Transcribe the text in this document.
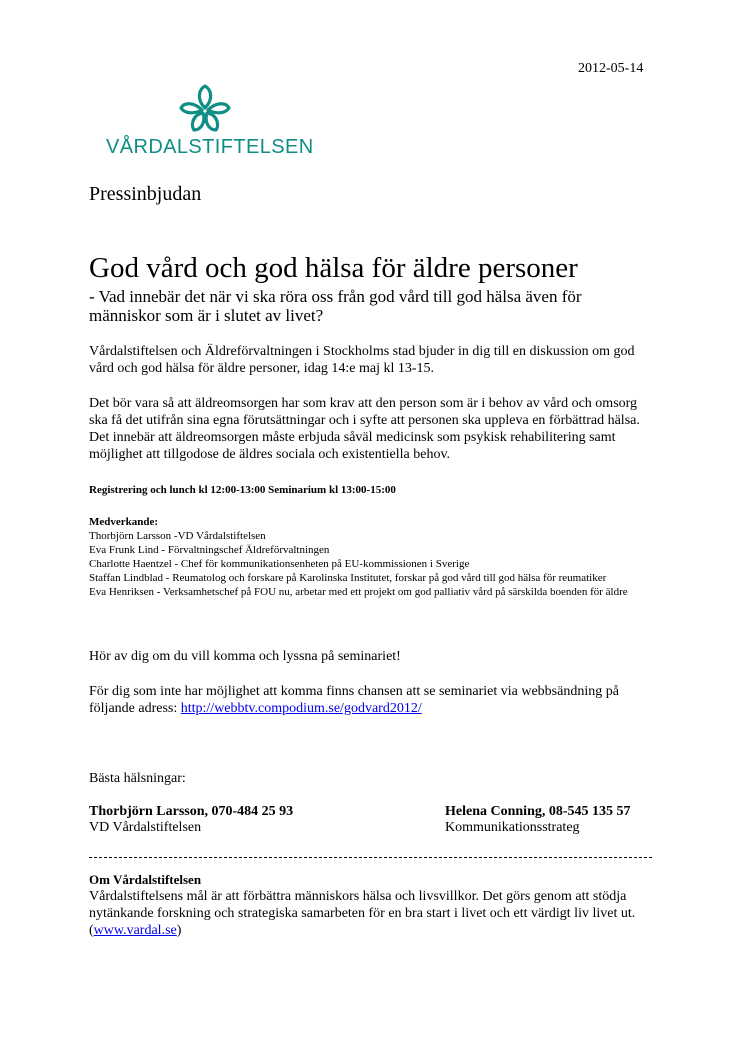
2012-05-14
VÅRDALSTIFTELSEN
Pressinbjudan
God vård och god hälsa för äldre personer
- Vad innebär det när vi ska röra oss från god vård till god hälsa även för människor som är i slutet av livet?
Vårdalstiftelsen och Äldreförvaltningen i Stockholms stad bjuder in dig till en diskussion om god vård och god hälsa för äldre personer, idag 14:e maj kl 13-15.
Det bör vara så att äldreomsorgen har som krav att den person som är i behov av vård och omsorg ska få det utifrån sina egna förutsättningar och i syfte att personen ska uppleva en förbättrad hälsa. Det innebär att äldreomsorgen måste erbjuda såväl medicinsk som psykisk rehabilitering samt möjlighet att tillgodose de äldres sociala och existentiella behov.
Registrering och lunch kl 12:00-13:00 Seminarium kl 13:00-15:00
Medverkande:
Thorbjörn Larsson -VD Vårdalstiftelsen
Eva Frunk Lind - Förvaltningschef Äldreförvaltningen
Charlotte Haentzel - Chef för kommunikationsenheten på EU-kommissionen i Sverige
Staffan Lindblad - Reumatolog och forskare på Karolinska Institutet, forskar på god vård till god hälsa för reumatiker
Eva Henriksen - Verksamhetschef på FOU nu, arbetar med ett projekt om god palliativ vård på särskilda boenden för äldre
Hör av dig om du vill komma och lyssna på seminariet!
För dig som inte har möjlighet att komma finns chansen att se seminariet via webbsändning på följande adress: http://webbtv.compodium.se/godvard2012/
Bästa hälsningar:
Thorbjörn Larsson, 070-484 25 93
VD Vårdalstiftelsen
Helena Conning, 08-545 135 57
Kommunikationsstrateg
Om Vårdalstiftelsen
Vårdalstiftelsens mål är att förbättra människors hälsa och livsvillkor. Det görs genom att stödja nytänkande forskning och strategiska samarbeten för en bra start i livet och ett värdigt liv livet ut. (www.vardal.se)
